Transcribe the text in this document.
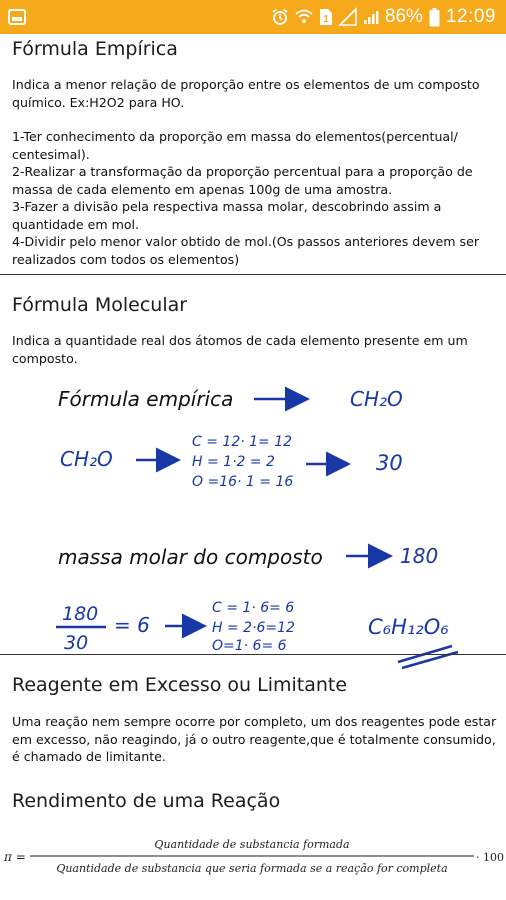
1	86% 12:09
Fórmula Empírica
Indica a menor relação de proporção entre os elementos de um composto químico. Ex:H2O2 para HO.
1-Ter conhecimento da proporção em massa do elementos(percentual/ centesimal).
2-Realizar a transformação da proporção percentual para a proporção de massa de cada elemento em apenas 100g de uma amostra.
3-Fazer a divisão pela respectiva massa molar, descobrindo assim a quantidade em mol.
4-Dividir pelo menor valor obtido de mol.(Os passos anteriores devem ser realizados com todos os elementos)
Fórmula Molecular
Indica a quantidade real dos átomos de cada elemento presente em um composto.
Fórmula empírica	CH₂O
CH₂O
C = 12· 1= 12
H = 1·2 = 2
O =16· 1 = 16
30
massa molar do composto	180
180
30
= 6
C = 1· 6= 6
H = 2·6=12
O=1· 6= 6
C₆H₁₂O₆
Reagente em Excesso ou Limitante
Uma reação nem sempre ocorre por completo, um dos reagentes pode estar em excesso, não reagindo, já o outro reagente,que é totalmente consumido, é chamado de limitante.
Rendimento de uma Reação
π =
Quantidade de substancia formada
Quantidade de substancia que seria formada se a reação for completa
· 100
